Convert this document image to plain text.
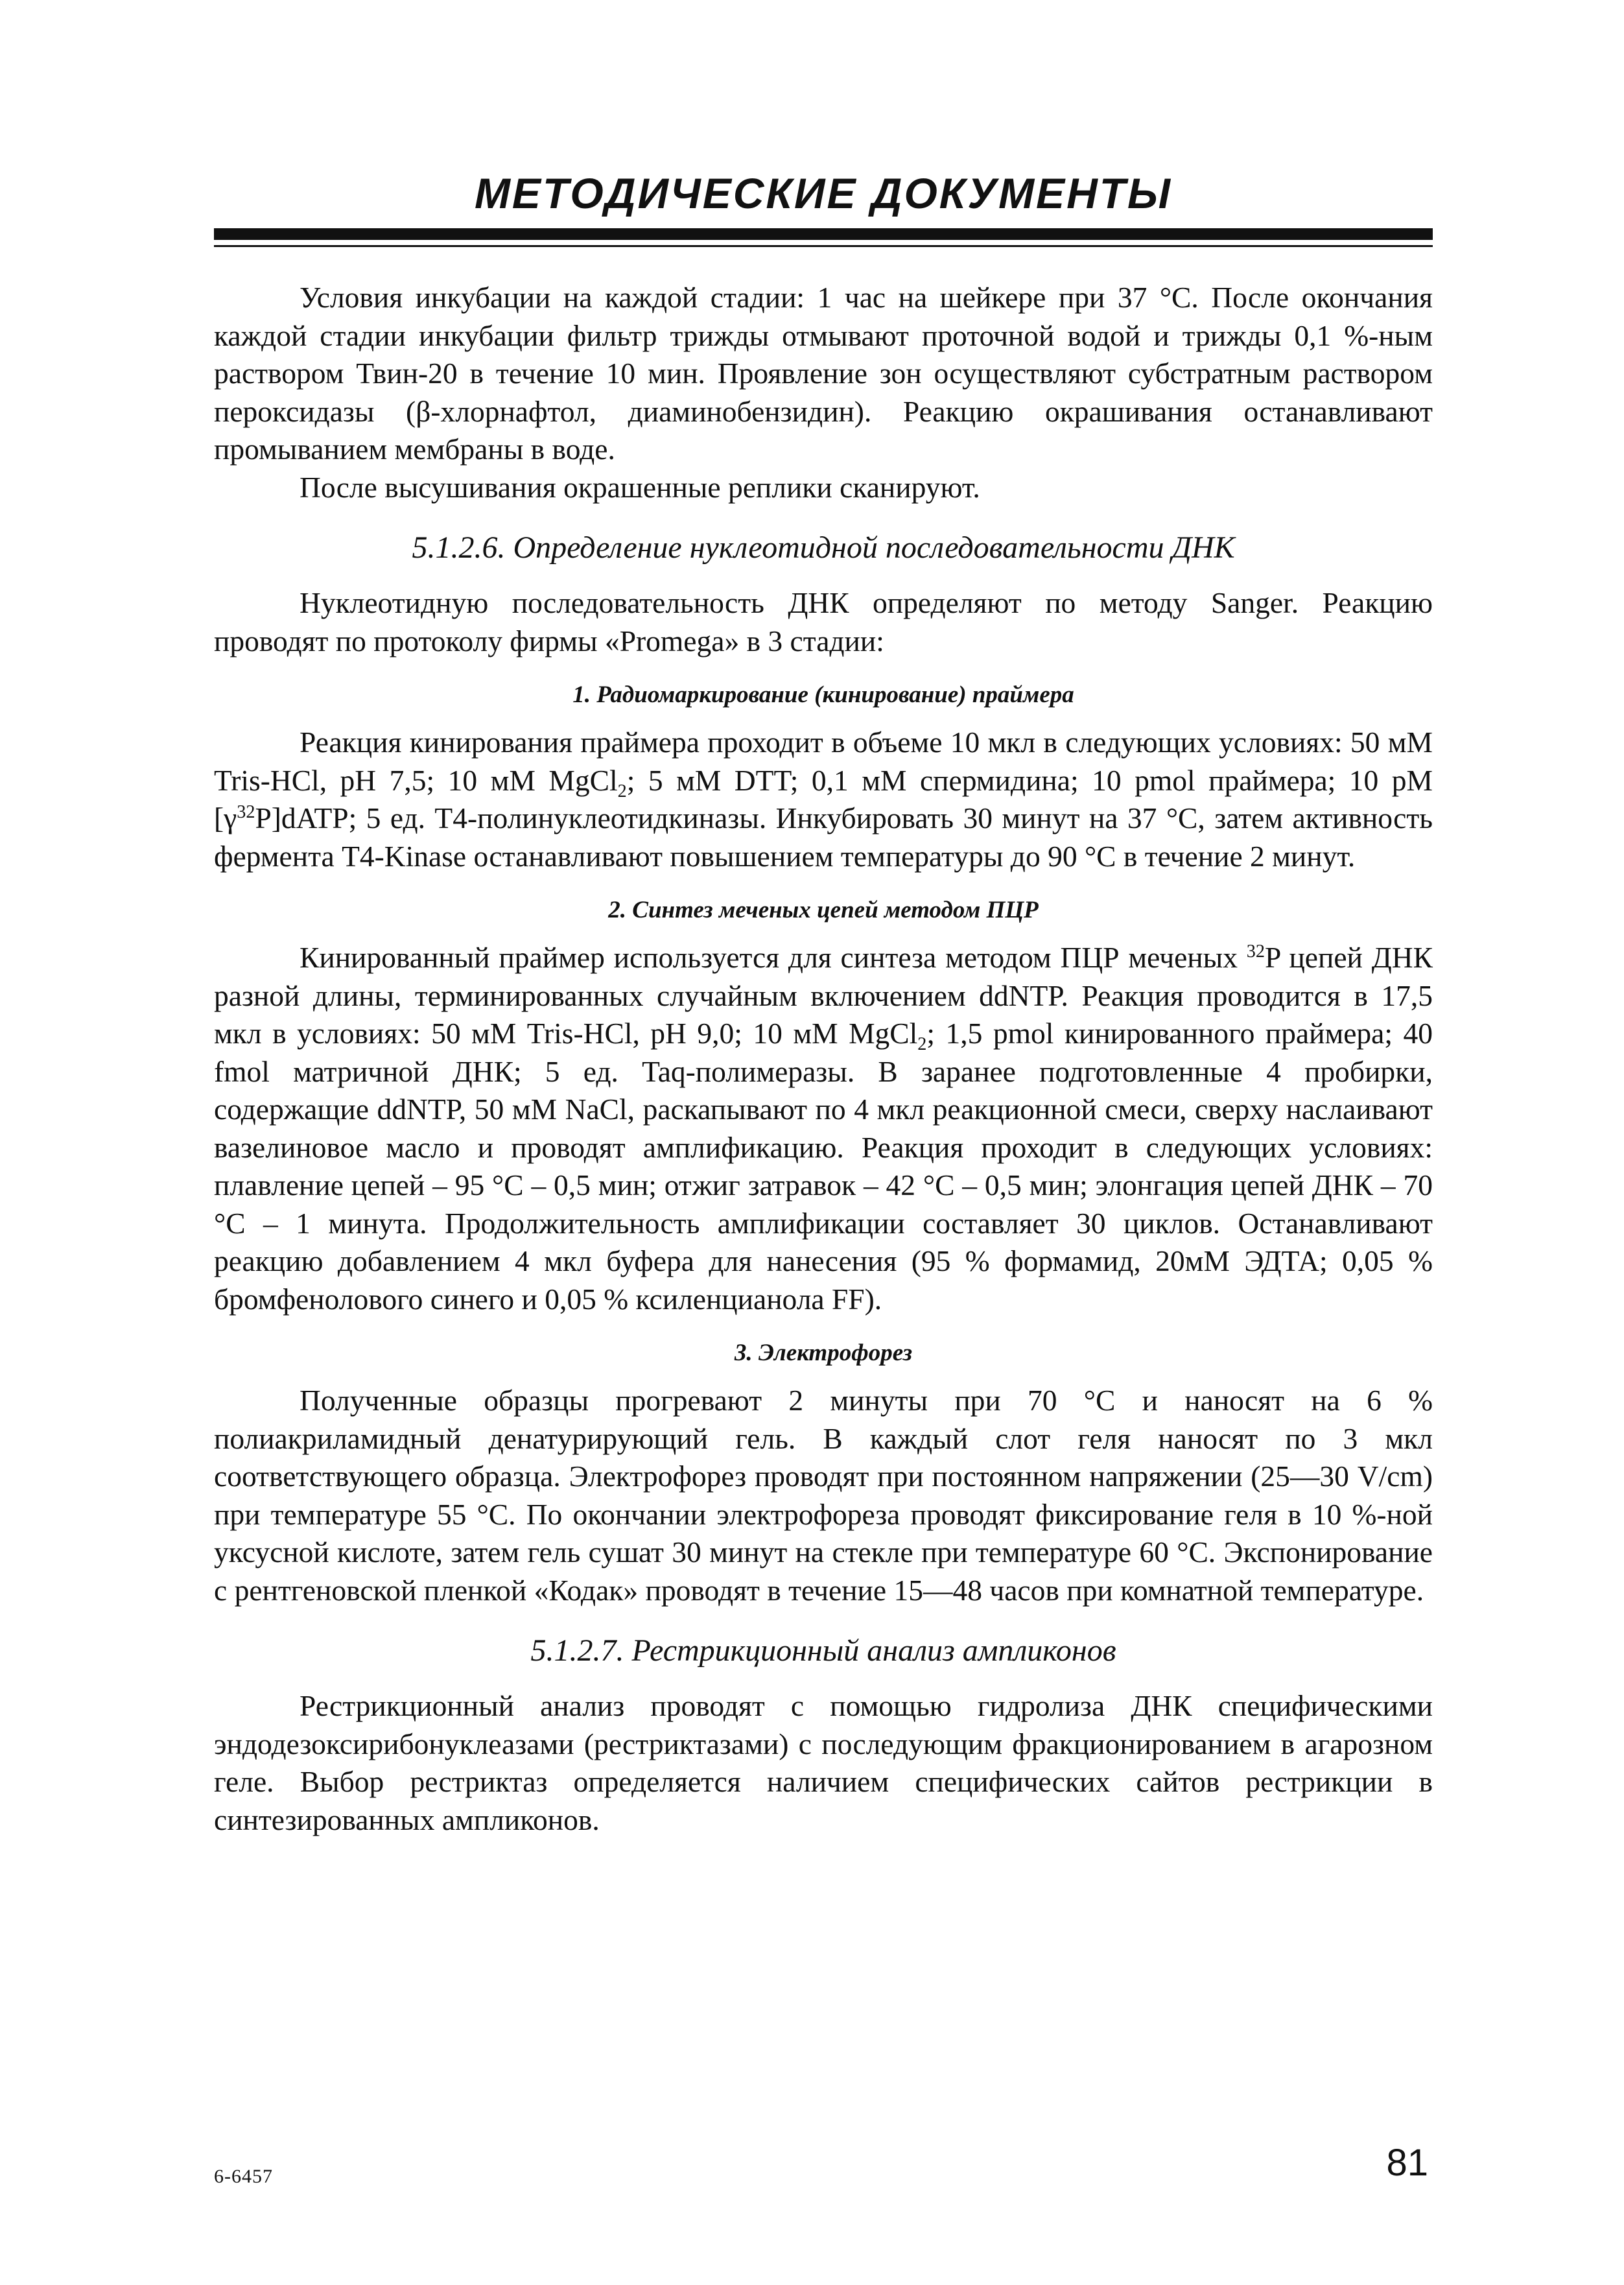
МЕТОДИЧЕСКИЕ ДОКУМЕНТЫ

Условия инкубации на каждой стадии: 1 час на шейкере при 37 °C. После окончания каждой стадии инкубации фильтр трижды отмывают проточной водой и трижды 0,1 %-ным раствором Твин-20 в течение 10 мин. Проявление зон осуществляют субстратным раствором пероксидазы (β-хлорнафтол, диаминобензидин). Реакцию окрашивания останавливают промыванием мембраны в воде.

После высушивания окрашенные реплики сканируют.

5.1.2.6. Определение нуклеотидной последовательности ДНК

Нуклеотидную последовательность ДНК определяют по методу Sanger. Реакцию проводят по протоколу фирмы «Promega» в 3 стадии:

1. Радиомаркирование (кинирование) праймера

Реакция кинирования праймера проходит в объеме 10 мкл в следующих условиях: 50 мМ Tris-HCl, pH 7,5; 10 мМ MgCl$_2$; 5 мМ DTT; 0,1 мМ спермидина; 10 pmol праймера; 10 pM $[\gamma^{32}P]dATP$; 5 ед. T4-полинуклеотидкиназы. Инкубировать 30 минут на 37 °С, затем активность фермента T4-Kinase останавливают повышением температуры до 90 °С в течение 2 минут.

2. Синтез меченых цепей методом ПЦР

Кинированный праймер используется для синтеза методом ПЦР меченых $^{32}$P цепей ДНК разной длины, терминированных случайным включением ddNTP. Реакция проводится в 17,5 мкл в условиях: 50 мМ Tris-HCl, pH 9,0; 10 мМ MgCl$_2$; 1,5 pmol кинированного праймера; 40 fmol матричной ДНК; 5 ед. Taq-полимеразы. В заранее подготовленные 4 пробирки, содержащие ddNTP, 50 мМ NaCl, раскапывают по 4 мкл реакционной смеси, сверху наслаивают вазелиновое масло и проводят амплификацию. Реакция проходит в следующих условиях: плавление цепей – 95 °С – 0,5 мин; отжиг затравок – 42 °С – 0,5 мин; элонгация цепей ДНК – 70 °С – 1 минута. Продолжительность амплификации составляет 30 циклов. Останавливают реакцию добавлением 4 мкл буфера для нанесения (95 % формамид, 20мМ ЭДТА; 0,05 % бромфенолового синего и 0,05 % ксиленцианола FF).

3. Электрофорез

Полученные образцы прогревают 2 минуты при 70 °С и наносят на 6 % полиакриламидный денатурирующий гель. В каждый слот геля наносят по 3 мкл соответствующего образца. Электрофорез проводят при постоянном напряжении (25—30 V/cm) при температуре 55 °С. По окончании электрофореза проводят фиксирование геля в 10 %-ной уксусной кислоте, затем гель сушат 30 минут на стекле при температуре 60 °С. Экспонирование с рентгеновской пленкой «Кодак» проводят в течение 15—48 часов при комнатной температуре.

5.1.2.7. Рестрикционный анализ ампликонов

Рестрикционный анализ проводят с помощью гидролиза ДНК специфическими эндодезоксирибонуклеазами (рестриктазами) с последующим фракционированием в агарозном геле. Выбор рестриктаз определяется наличием специфических сайтов рестрикции в синтезированных ампликонов.

6-6457	81
